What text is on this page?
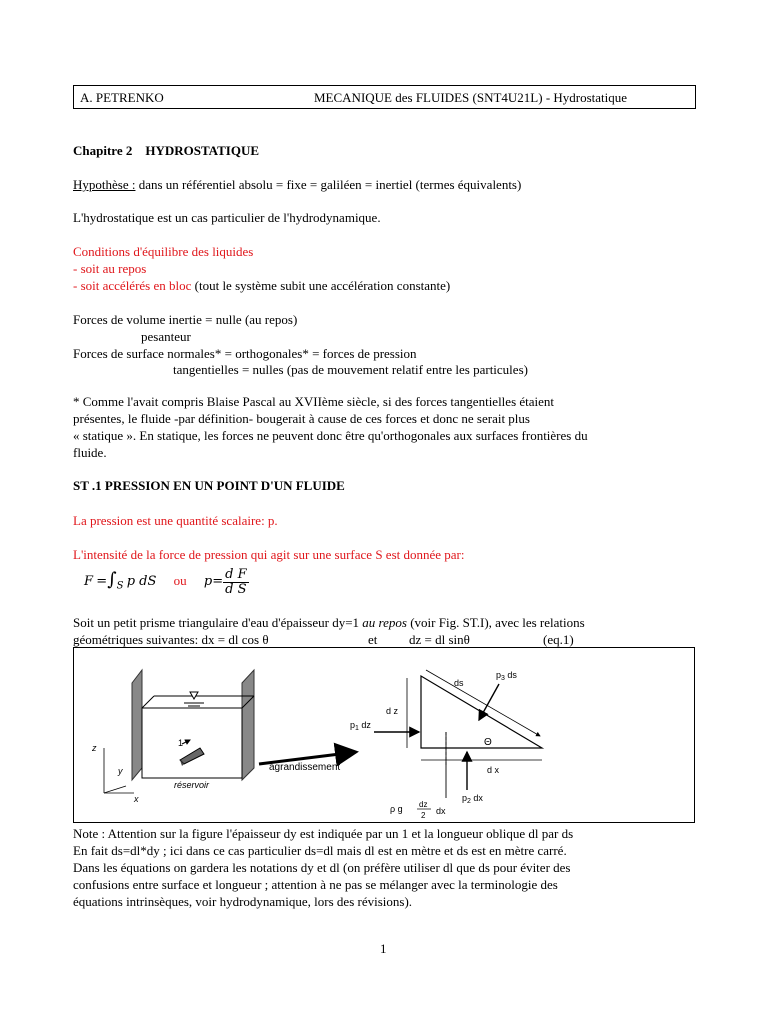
A. PETRENKO	MECANIQUE des FLUIDES (SNT4U21L) - Hydrostatique
Chapitre 2 HYDROSTATIQUE
Hypothèse : dans un référentiel absolu = fixe = galiléen = inertiel (termes équivalents)
L'hydrostatique est un cas particulier de l'hydrodynamique.
Conditions d'équilibre des liquides
- soit au repos
- soit accélérés en bloc (tout le système subit une accélération constante)
Forces de volume inertie = nulle (au repos)
pesanteur
Forces de surface normales* = orthogonales* = forces de pression
tangentielles = nulles (pas de mouvement relatif entre les particules)
* Comme l'avait compris Blaise Pascal au XVIIème siècle, si des forces tangentielles étaient
présentes, le fluide -par définition- bougerait à cause de ces forces et donc ne serait plus
« statique ». En statique, les forces ne peuvent donc être qu'orthogonales aux surfaces frontières du
fluide.
ST .1 PRESSION EN UN POINT D'UN FLUIDE
La pression est une quantité scalaire: p.
L'intensité de la force de pression qui agit sur une surface S est donnée par:
$F =\int_S$ p dS ou $p= \frac{\text{d F}}{\text{d S}}$
Soit un petit prisme triangulaire d'eau d'épaisseur dy=1 au repos (voir Fig. ST.I), avec les relations
géométriques suivantes: dx = dl cos θ	et dz = dl sinθ	(eq.1)
1
réservoir
z
y
x
agrandissement
ds
$p_3$ ds
d z
$p_1$ dz
Θ
d x
$p_2$ dx
ρ g dz
2 dx
Note : Attention sur la figure l'épaisseur dy est indiquée par un 1 et la longueur oblique dl par ds
En fait ds=dl*dy ; ici dans ce cas particulier ds=dl mais dl est en mètre et ds est en mètre carré.
Dans les équations on gardera les notations dy et dl (on préfère utiliser dl que ds pour éviter des
confusions entre surface et longueur ; attention à ne pas se mélanger avec la terminologie des
équations intrinsèques, voir hydrodynamique, lors des révisions).
1
